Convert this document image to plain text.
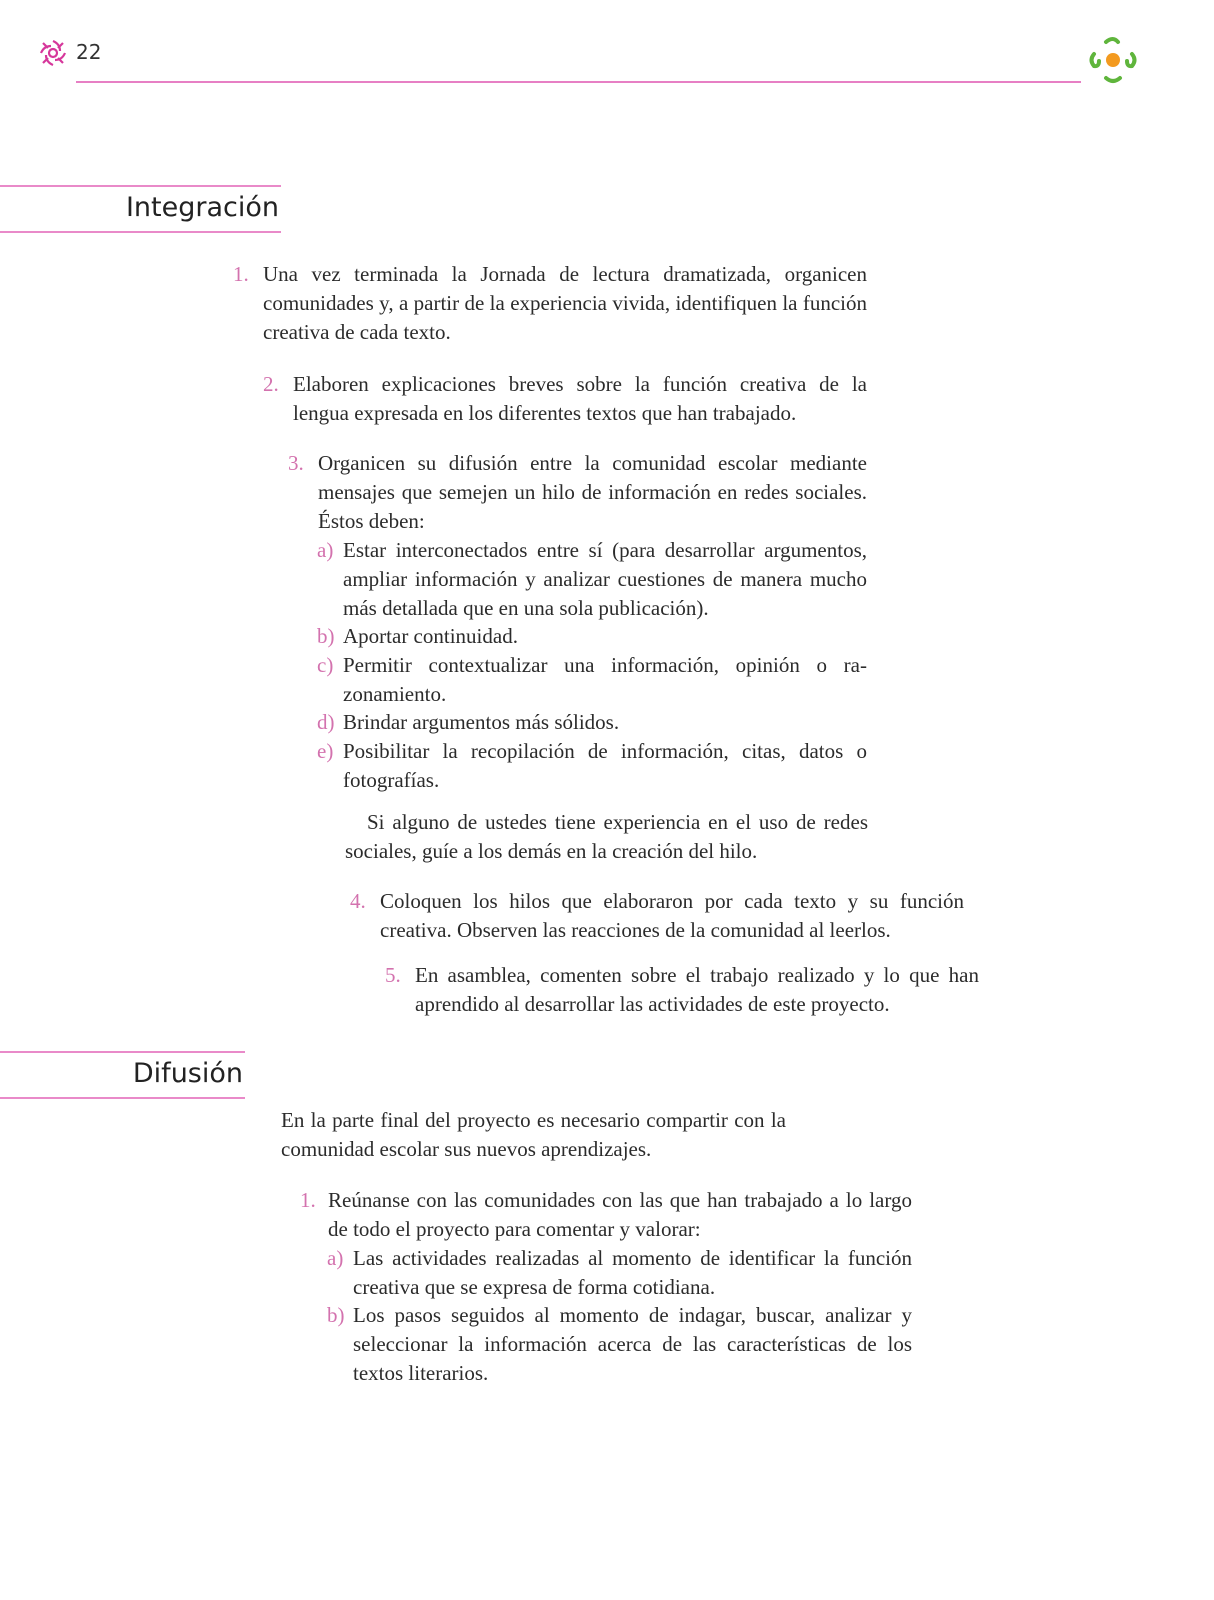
22
Integración
1. Una vez terminada la Jornada de lectura dramatizada, organicen comunidades y, a partir de la experiencia vivida, identifiquen la función creativa de cada texto.
2. Elaboren explicaciones breves sobre la función creativa de la lengua expresada en los diferentes textos que han trabajado.
3. Organicen su difusión entre la comunidad escolar mediante mensajes que semejen un hilo de información en redes sociales. Éstos deben:
a) Estar interconectados entre sí (para desarrollar argumentos, ampliar información y analizar cuestiones de manera mucho más detallada que en una sola publicación).
b) Aportar continuidad.
c) Permitir contextualizar una información, opinión o razonamiento.
d) Brindar argumentos más sólidos.
e) Posibilitar la recopilación de información, citas, datos o fotografías.
Si alguno de ustedes tiene experiencia en el uso de redes sociales, guíe a los demás en la creación del hilo.
4. Coloquen los hilos que elaboraron por cada texto y su función creativa. Observen las reacciones de la comunidad al leerlos.
5. En asamblea, comenten sobre el trabajo realizado y lo que han aprendido al desarrollar las actividades de este proyecto.
Difusión
En la parte final del proyecto es necesario compartir con la comunidad escolar sus nuevos aprendizajes.
1. Reúnanse con las comunidades con las que han trabajado a lo largo de todo el proyecto para comentar y valorar:
a) Las actividades realizadas al momento de identificar la función creativa que se expresa de forma cotidiana.
b) Los pasos seguidos al momento de indagar, buscar, analizar y seleccionar la información acerca de las características de los textos literarios.
